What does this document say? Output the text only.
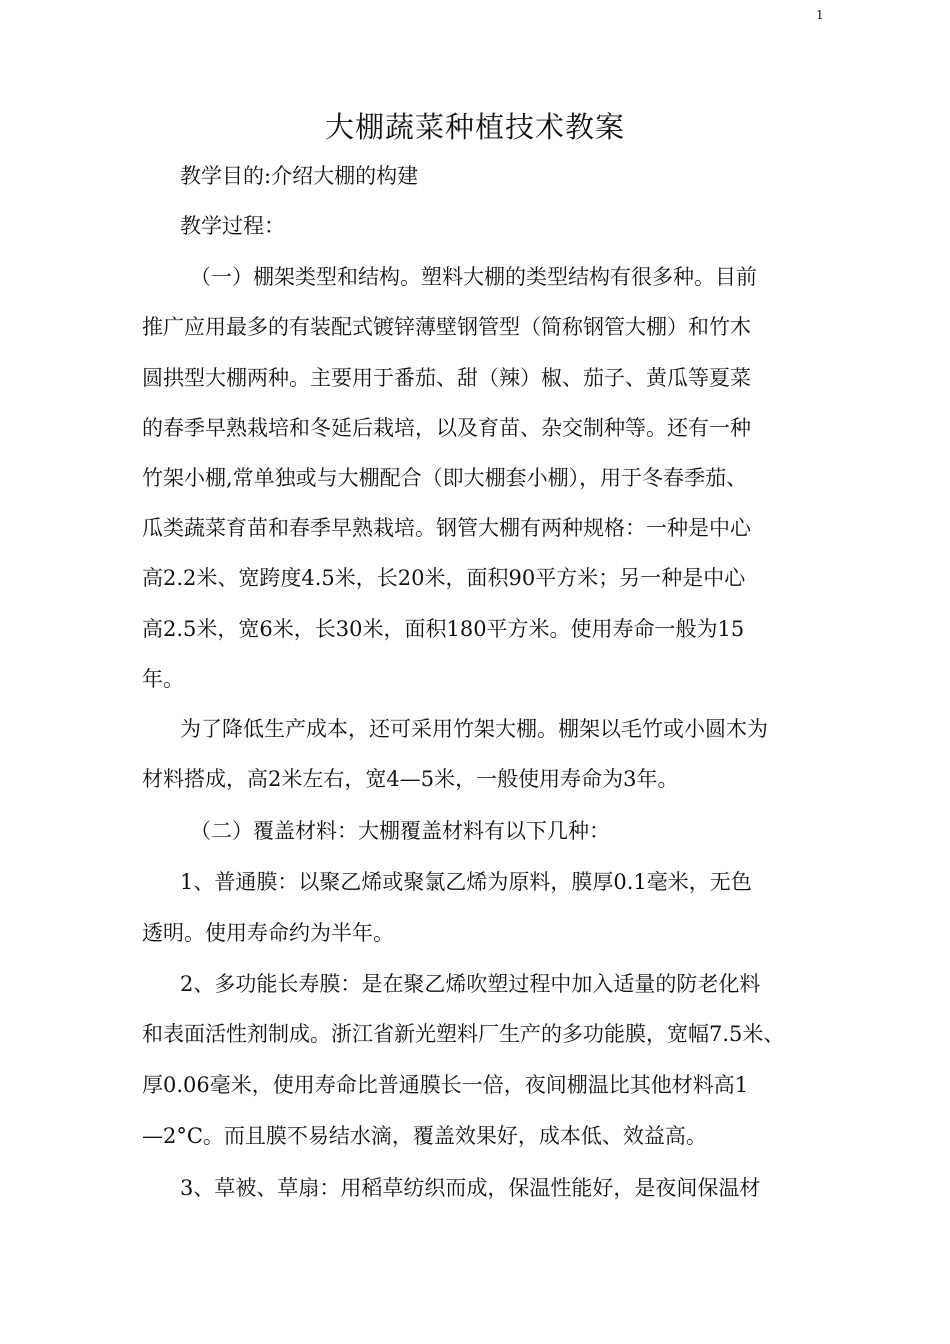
1
大棚蔬菜种植技术教案
教学目的:介绍大棚的构建
教学过程：
（一）棚架类型和结构。塑料大棚的类型结构有很多种。目前
推广应用最多的有装配式镀锌薄壁钢管型（简称钢管大棚）和竹木
圆拱型大棚两种。主要用于番茄、甜（辣）椒、茄子、黄瓜等夏菜
的春季早熟栽培和冬延后栽培，以及育苗、杂交制种等。还有一种
竹架小棚,常单独或与大棚配合（即大棚套小棚），用于冬春季茄、
瓜类蔬菜育苗和春季早熟栽培。钢管大棚有两种规格：一种是中心
高2.2米、宽跨度4.5米，长20米，面积90平方米；另一种是中心
高2.5米，宽6米，长30米，面积180平方米。使用寿命一般为15
年。
为了降低生产成本，还可采用竹架大棚。棚架以毛竹或小圆木为
材料搭成，高2米左右，宽4—5米，一般使用寿命为3年。
（二）覆盖材料：大棚覆盖材料有以下几种：
1、普通膜：以聚乙烯或聚氯乙烯为原料，膜厚0.1毫米，无色
透明。使用寿命约为半年。
2、多功能长寿膜：是在聚乙烯吹塑过程中加入适量的防老化料
和表面活性剂制成。浙江省新光塑料厂生产的多功能膜，宽幅7.5米、
厚0.06毫米，使用寿命比普通膜长一倍，夜间棚温比其他材料高1
—2°C。而且膜不易结水滴，覆盖效果好，成本低、效益高。
3、草被、草扇：用稻草纺织而成，保温性能好，是夜间保温材
